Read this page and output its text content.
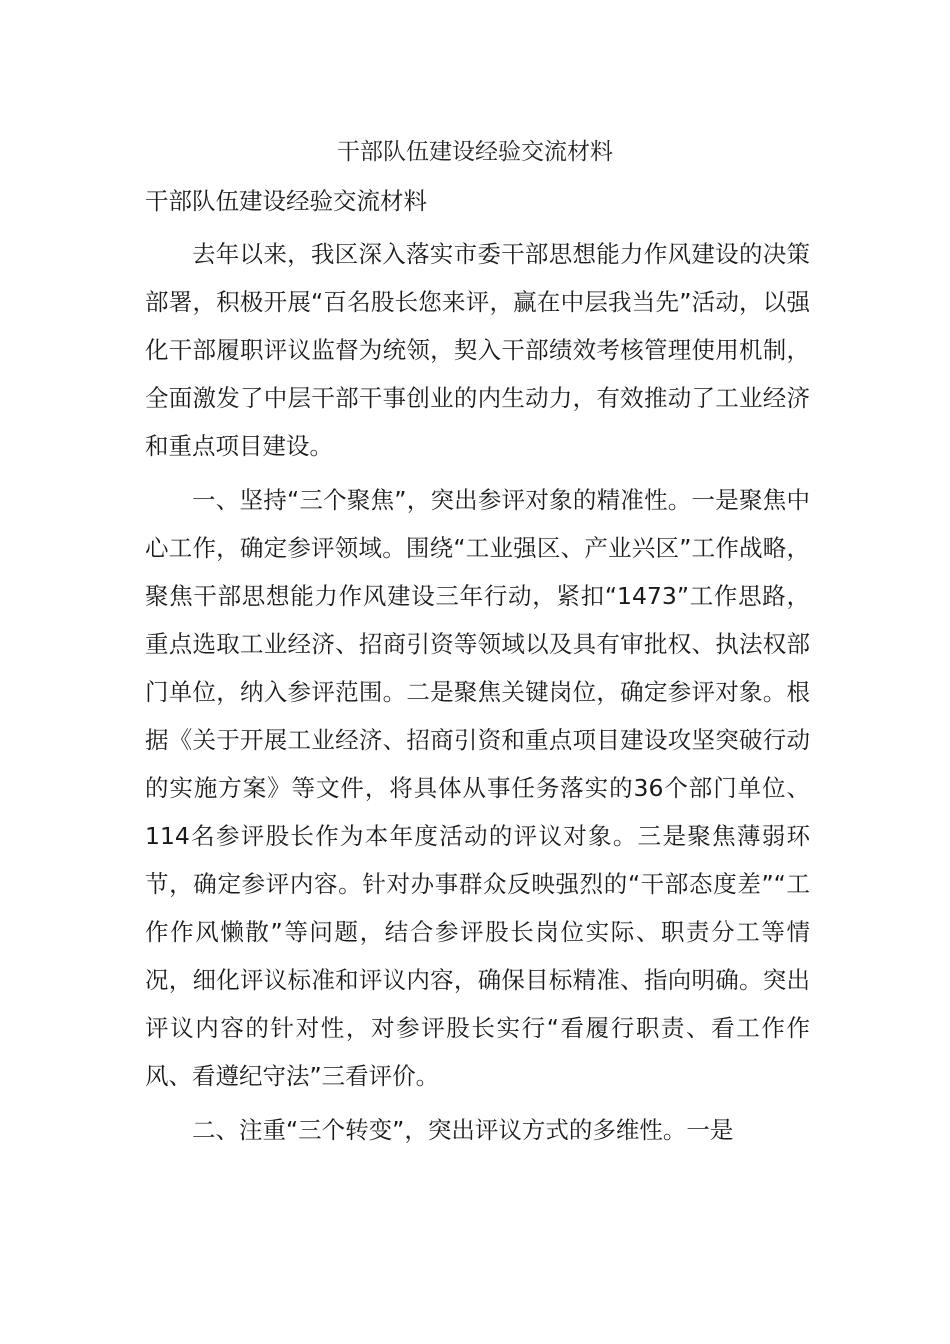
干部队伍建设经验交流材料
干部队伍建设经验交流材料

去年以来，我区深入落实市委干部思想能力作风建设的决策部署，积极开展“百名股长您来评，赢在中层我当先”活动，以强化干部履职评议监督为统领，契入干部绩效考核管理使用机制，全面激发了中层干部干事创业的内生动力，有效推动了工业经济和重点项目建设。

一、坚持“三个聚焦”，突出参评对象的精准性。一是聚焦中心工作，确定参评领域。围绕“工业强区、产业兴区”工作战略，聚焦干部思想能力作风建设三年行动，紧扣“1473”工作思路，重点选取工业经济、招商引资等领域以及具有审批权、执法权部门单位，纳入参评范围。二是聚焦关键岗位，确定参评对象。根据《关于开展工业经济、招商引资和重点项目建设攻坚突破行动的实施方案》等文件，将具体从事任务落实的36个部门单位、114名参评股长作为本年度活动的评议对象。三是聚焦薄弱环节，确定参评内容。针对办事群众反映强烈的“干部态度差”“工作作风懒散”等问题，结合参评股长岗位实际、职责分工等情况，细化评议标准和评议内容，确保目标精准、指向明确。突出评议内容的针对性，对参评股长实行“看履行职责、看工作作风、看遵纪守法”三看评价。

二、注重“三个转变”，突出评议方式的多维性。一是
